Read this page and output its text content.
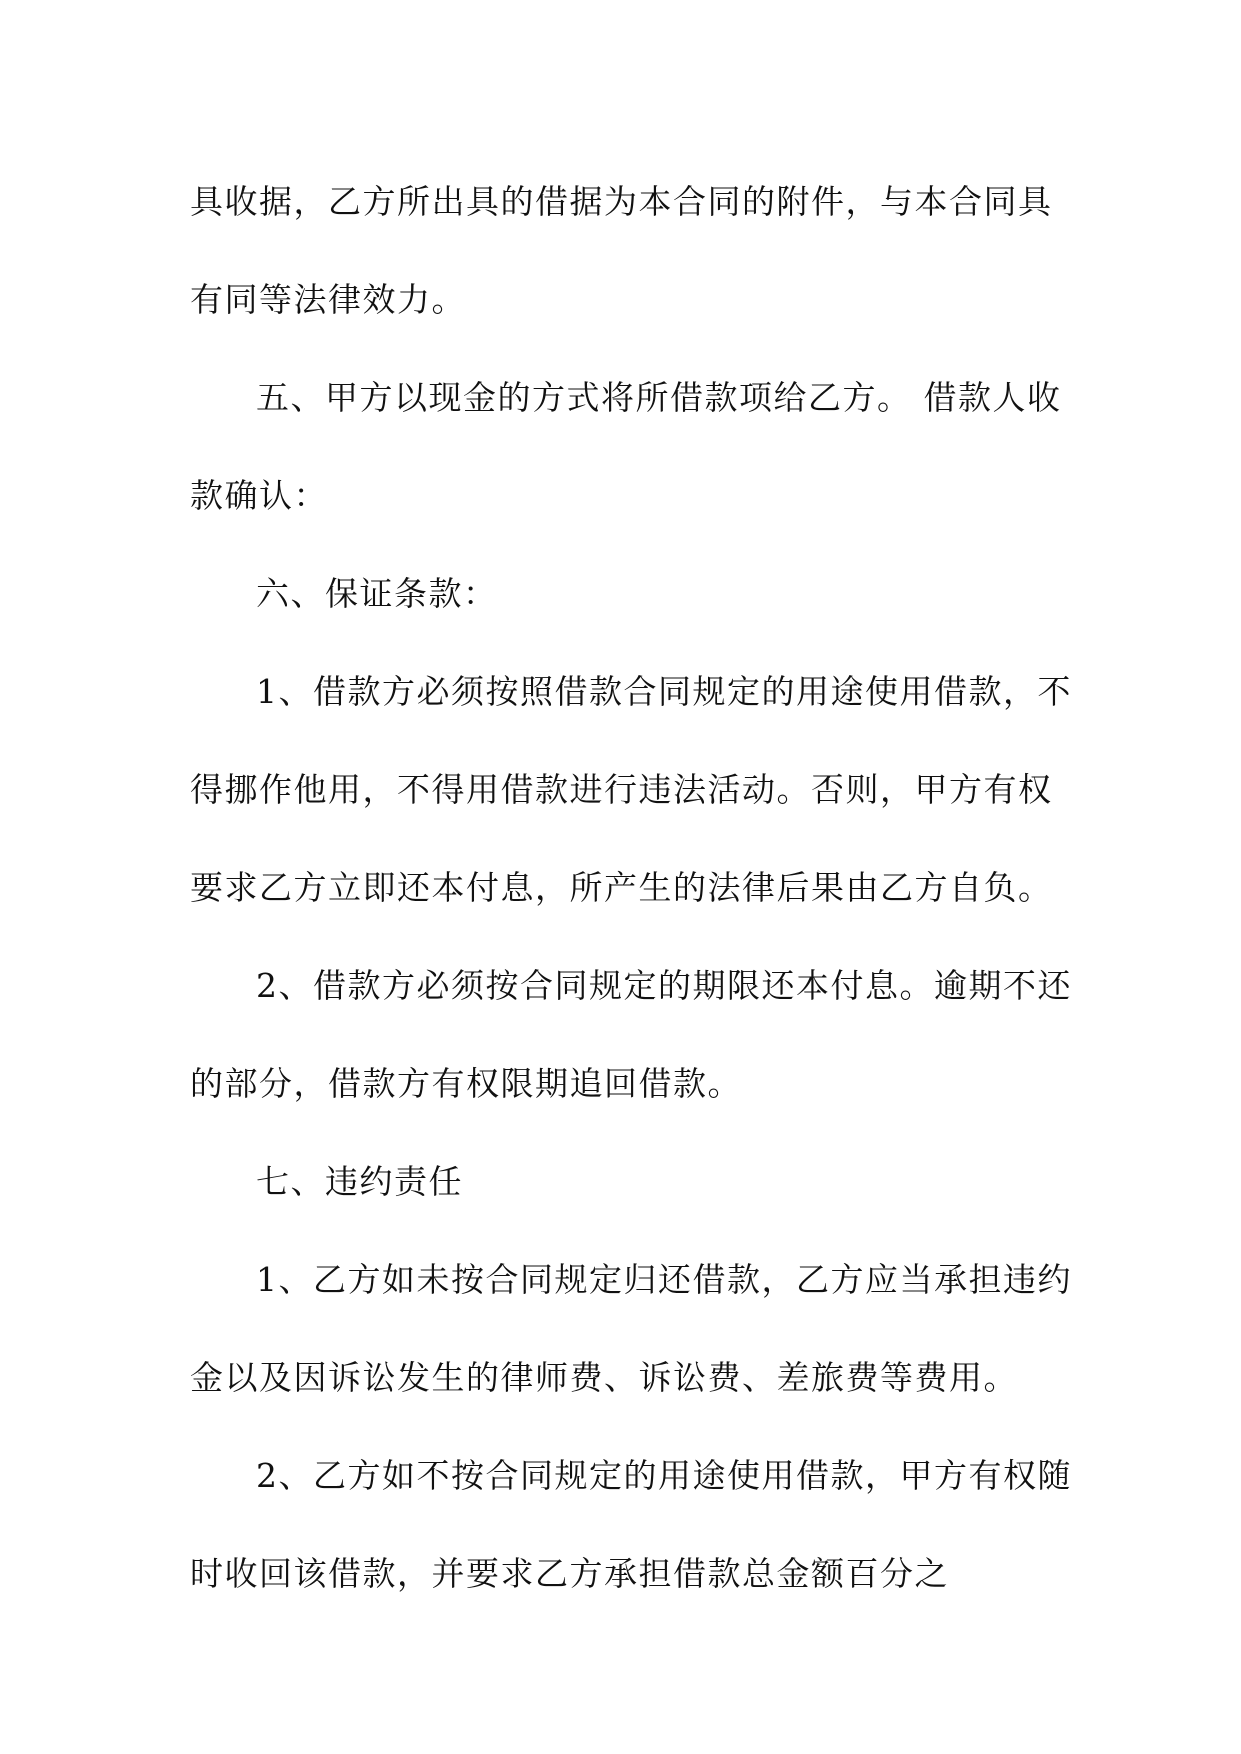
具收据，乙方所出具的借据为本合同的附件，与本合同具
有同等法律效力。
五、甲方以现金的方式将所借款项给乙方。 借款人收
款确认：
六、保证条款：
1、借款方必须按照借款合同规定的用途使用借款，不
得挪作他用，不得用借款进行违法活动。否则，甲方有权
要求乙方立即还本付息，所产生的法律后果由乙方自负。
2、借款方必须按合同规定的期限还本付息。逾期不还
的部分，借款方有权限期追回借款。
七、违约责任
1、乙方如未按合同规定归还借款，乙方应当承担违约
金以及因诉讼发生的律师费、诉讼费、差旅费等费用。
2、乙方如不按合同规定的用途使用借款，甲方有权随
时收回该借款，并要求乙方承担借款总金额百分之
